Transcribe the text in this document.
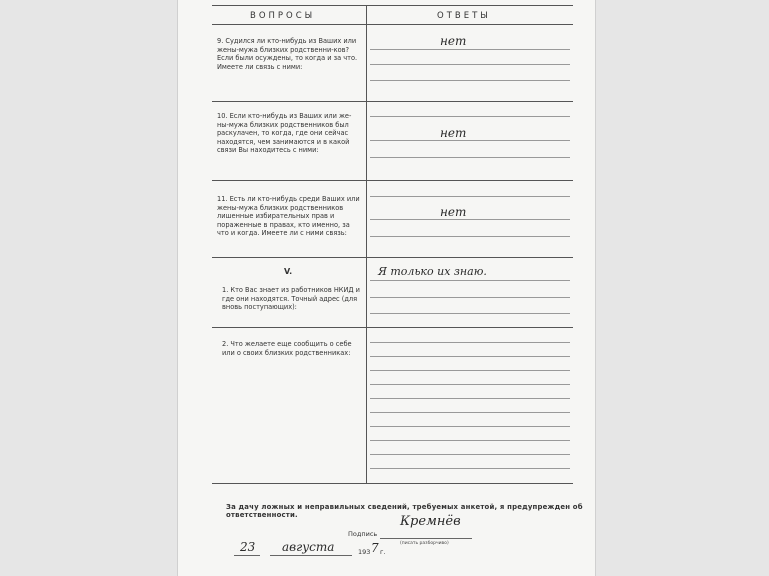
ВОПРОСЫ	ОТВЕТЫ
9. Судился ли кто-нибудь из Ваших или жены-мужа близких родственни-ков? Если были осуждены, то когда и за что. Имеете ли связь с ними:
нет
10. Если кто-нибудь из Ваших или же-ны-мужа близких родственников был раскулачен, то когда, где они сейчас находятся, чем занимаются и в какой связи Вы находитесь с ними:
нет
11. Есть ли кто-нибудь среди Ваших или жены-мужа близких родственников лишенные избирательных прав и пораженные в правах, кто именно, за что и когда. Имеете ли с ними связь:
нет
V.
1. Кто Вас знает из работников НКИД и где они находятся. Точный адрес (для вновь поступающих):
Я только их знаю.
2. Что желаете еще сообщить о себе или о своих близких родственниках:
За дачу ложных и неправильных сведений, требуемых анкетой, я предупрежден об ответственности.
Подпись
Кремнёв
(писать разборчиво)
23 августа	193 7 г.
